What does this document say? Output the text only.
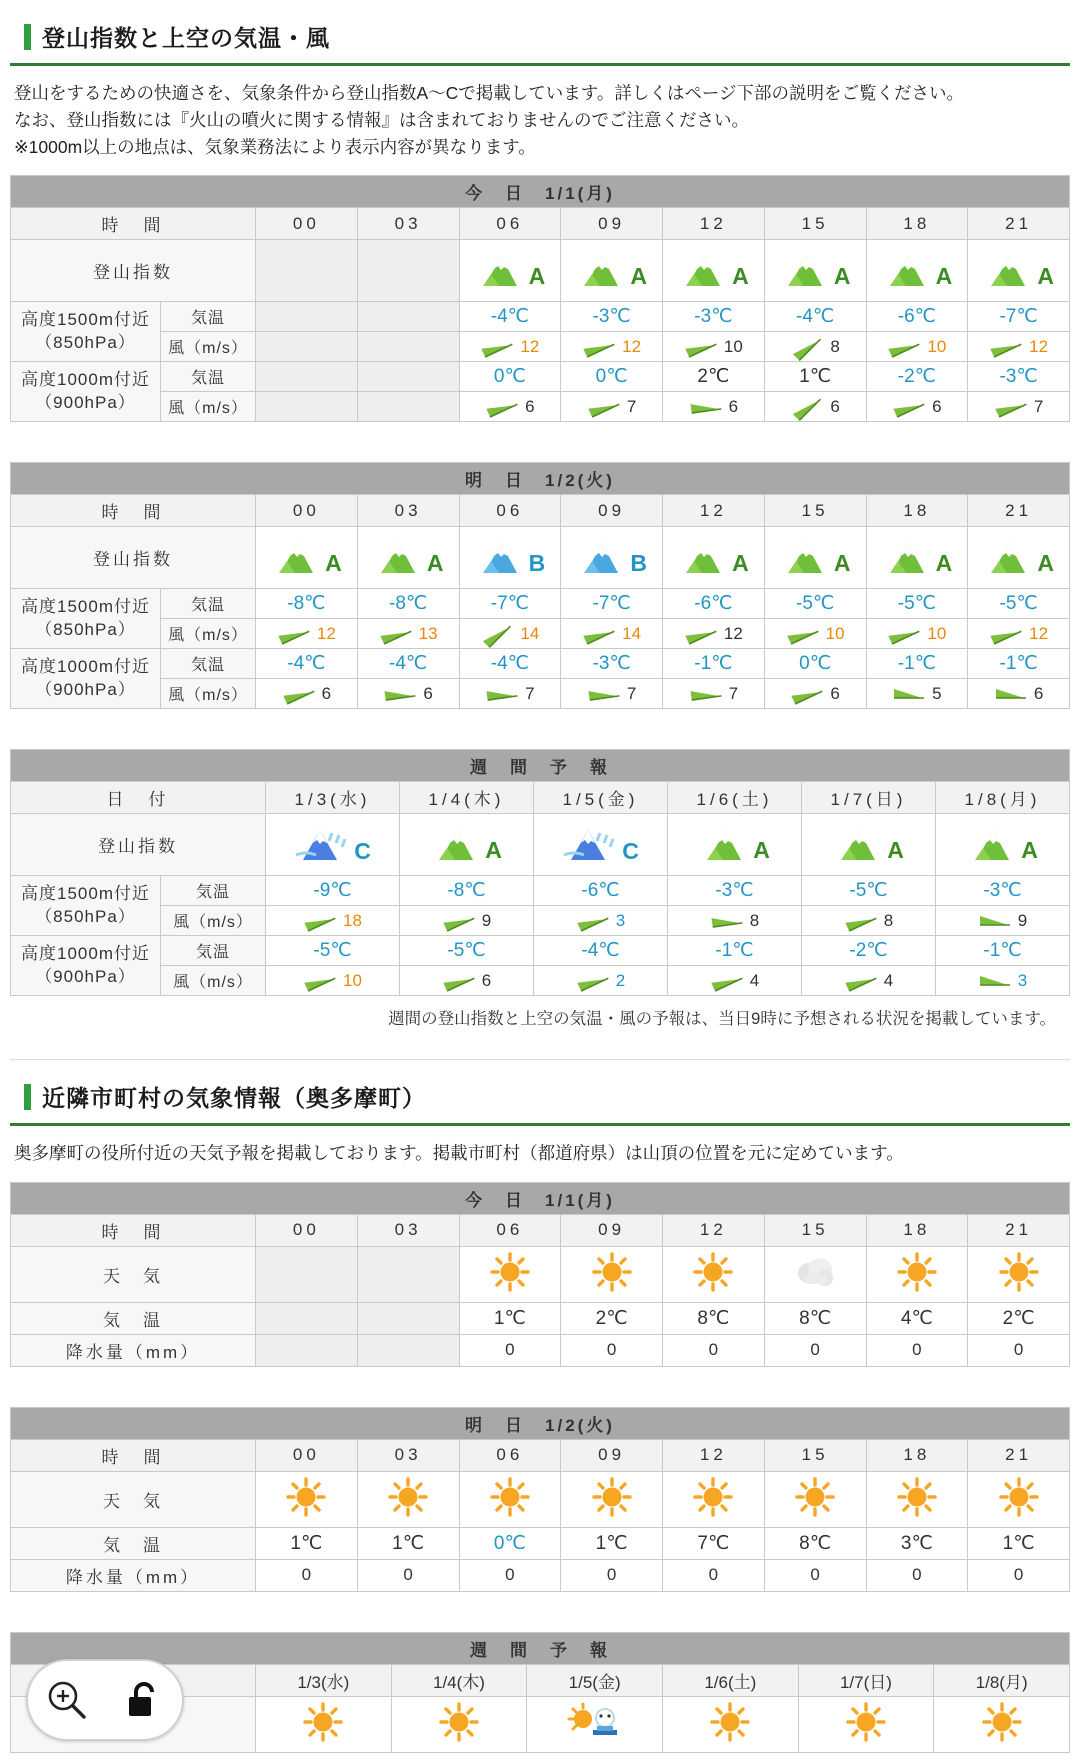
登山指数と上空の気温・風
登山をするための快適さを、気象条件から登山指数A～Cで掲載しています。詳しくはページ下部の説明をご覧ください。
なお、登山指数には『火山の噴火に関する情報』は含まれておりませんのでご注意ください。
※1000m以上の地点は、気象業務法により表示内容が異なります。
今　日　1/1(月)									
時　間		00	03	06	09	12	15	18	21
登山指数				A	A	A	A	A	A

高度1500m付近
（850hPa）	気温			-4℃	-3℃	-3℃	-4℃	-6℃	-7℃
	風（m/s）			12	12	10	8	10	12

高度1000m付近
（900hPa）	気温			0℃	0℃	2℃	1℃	-2℃	-3℃
	風（m/s）			6	7	6	6	6	7
明　日　1/2(火)									
時　間		00	03	06	09	12	15	18	21
登山指数		A	A	B	B	A	A	A	A

高度1500m付近
（850hPa）	気温	-8℃	-8℃	-7℃	-7℃	-6℃	-5℃	-5℃	-5℃
	風（m/s）	12	13	14	14	12	10	10	12

高度1000m付近
（900hPa）	気温	-4℃	-4℃	-4℃	-3℃	-1℃	0℃	-1℃	-1℃
	風（m/s）	6	6	7	7	7	6	5	6
週　間　予　報							
日　付		1/3(水)	1/4(木)	1/5(金)	1/6(土)	1/7(日)	1/8(月)
登山指数		C	A	C	A	A	A

高度1500m付近
（850hPa）	気温	-9℃	-8℃	-6℃	-3℃	-5℃	-3℃
	風（m/s）	18	9	3	8	8	9

高度1000m付近
（900hPa）	気温	-5℃	-5℃	-4℃	-1℃	-2℃	-1℃
	風（m/s）	10	6	2	4	4	3
週間の登山指数と上空の気温・風の予報は、当日9時に予想される状況を掲載しています。
近隣市町村の気象情報（奥多摩町）
奥多摩町の役所付近の天気予報を掲載しております。掲載市町村（都道府県）は山頂の位置を元に定めています。
今　日　1/1(月)								
時　間	00	03	06	09	12	15	18	21
天　気								
気　温			1℃	2℃	8℃	8℃	4℃	2℃
降水量（mm）			0	0	0	0	0	0
明　日　1/2(火)								
時　間	00	03	06	09	12	15	18	21
天　気								
気　温	1℃	1℃	0℃	1℃	7℃	8℃	3℃	1℃
降水量（mm）	0	0	0	0	0	0	0	0
週　間　予　報						
	1/3(水)	1/4(木)	1/5(金)	1/6(土)	1/7(日)	1/8(月)
